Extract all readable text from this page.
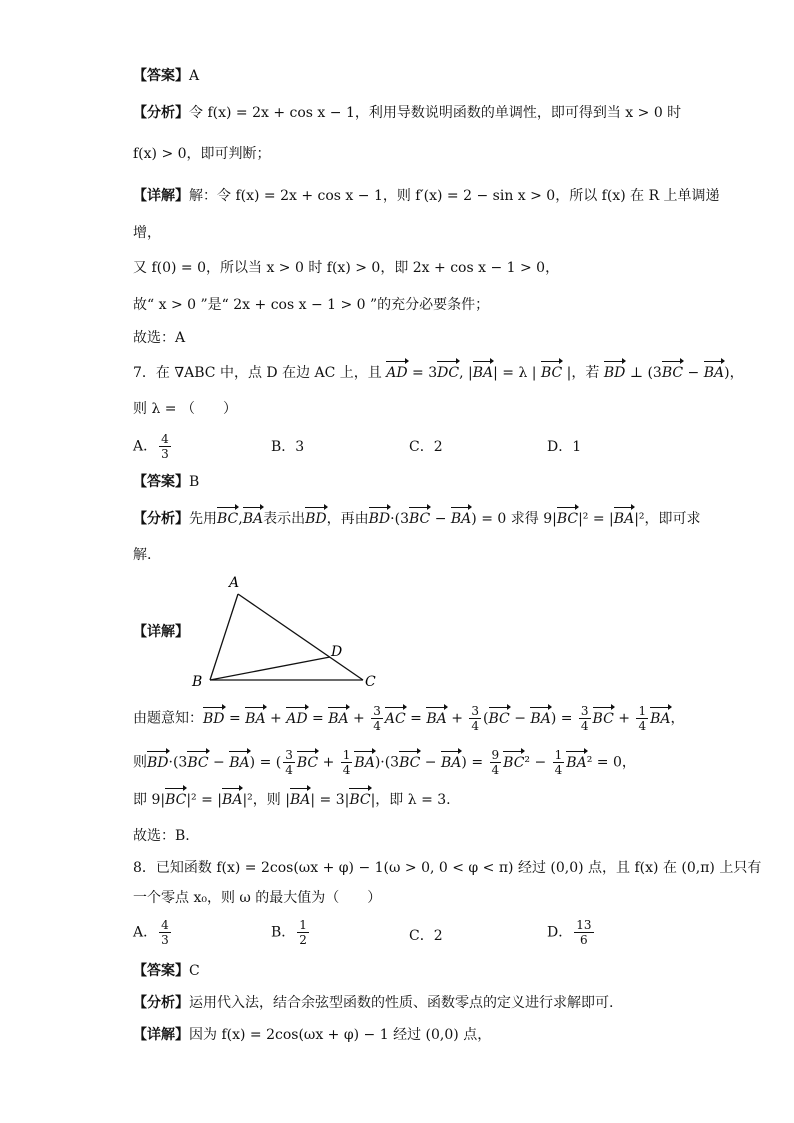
【答案】A
【分析】令 f(x) = 2x + cos x − 1，利用导数说明函数的单调性，即可得到当 x > 0 时
f(x) > 0，即可判断；
【详解】解：令 f(x) = 2x + cos x − 1，则 f′(x) = 2 − sin x > 0，所以 f(x) 在 R 上单调递
增，
又 f(0) = 0，所以当 x > 0 时 f(x) > 0，即 2x + cos x − 1 > 0，
故“ x > 0 ”是“ 2x + cos x − 1 > 0 ”的充分必要条件；
故选：A
7．在 ∇ABC 中，点 D 在边 AC 上，且 AD = 3DC, |BA| = λ | BC |，若 BD ⊥ (3BC − BA)，
则 λ = （　　）
A． $\frac{4}{3}$	B．3	C．2	D．1
【答案】B
【分析】先用BC,BA表示出BD，再由BD·(3BC − BA) = 0 求得 9|BC|² = |BA|²，即可求
解.
【详解】
A
B	C
D
由题意知：BD = BA + AD = BA + $\frac{3}{4}$ AC = BA + $\frac{3}{4} (BC - BA) = \frac{3}{4}$ BC + $\frac{1}{4}$ BA，
则BD·(3BC − BA) = ( $\frac{3}{4}$ BC + $\frac{1}{4} BA)\cdot(3BC - BA) = \frac{9}{4} BC^2 - \frac{1}{4} BA^2 = 0$，
即 9|BC|² = |BA|²，则 |BA| = 3|BC|，即 λ = 3.
故选：B.
8．已知函数 f(x) = 2cos(ωx + φ) − 1(ω > 0, 0 < φ < π) 经过 (0,0) 点，且 f(x) 在 (0,π) 上只有
一个零点 x₀，则 ω 的最大值为（　　）
A． $\frac{4}{3}$	B． $\frac{1}{2}$	C．2	D． $\frac{13}{6}$
【答案】C
【分析】运用代入法，结合余弦型函数的性质、函数零点的定义进行求解即可.
【详解】因为 f(x) = 2cos(ωx + φ) − 1 经过 (0,0) 点，
